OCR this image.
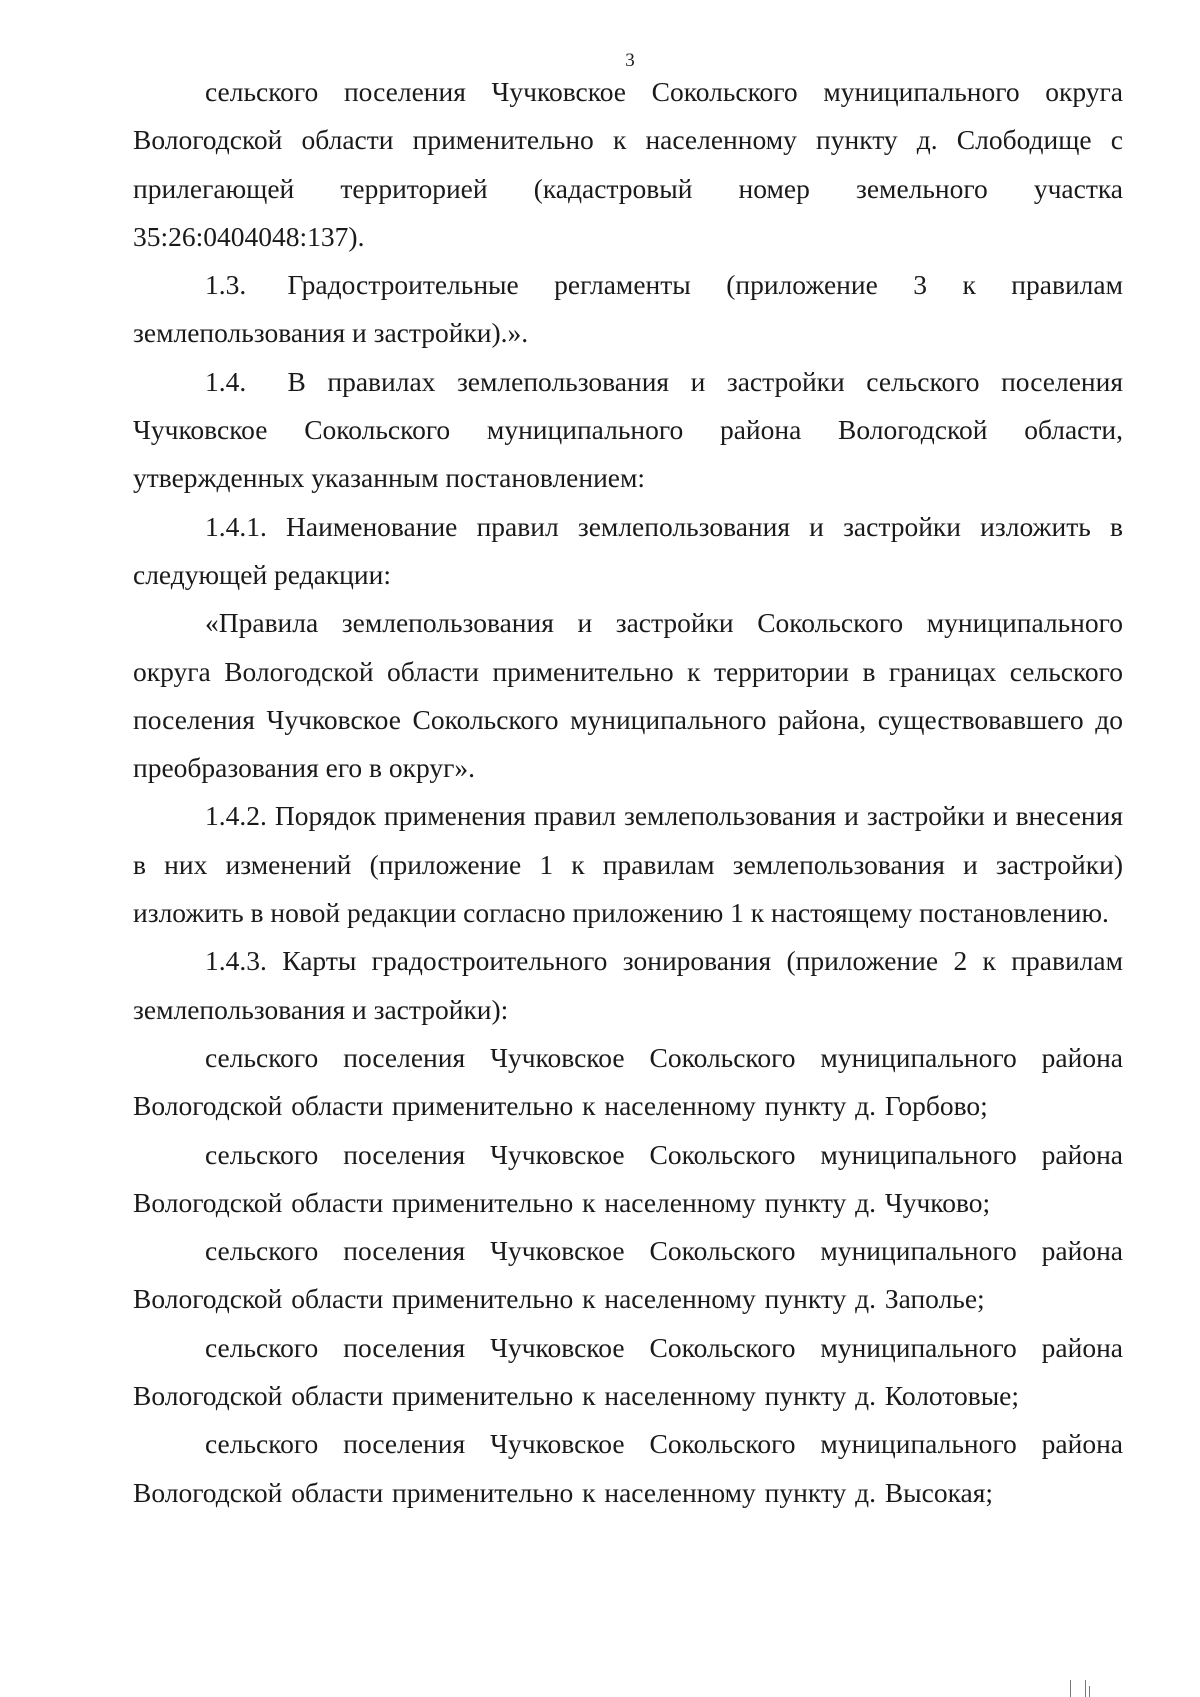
3

сельского поселения Чучковское Сокольского муниципального округа Вологодской области применительно к населенному пункту д. Слободище с прилегающей территорией (кадастровый номер земельного участка 35:26:0404048:137).

1.3.  Градостроительные регламенты (приложение 3 к правилам землепользования и застройки).».

1.4.  В правилах землепользования и застройки сельского поселения Чучковское Сокольского муниципального района Вологодской области, утвержденных указанным постановлением:

1.4.1. Наименование правил землепользования и застройки изложить в следующей редакции:

«Правила землепользования и застройки Сокольского муниципального округа Вологодской области применительно к территории в границах сельского поселения Чучковское Сокольского муниципального района, существовавшего до преобразования его в округ».

1.4.2. Порядок применения правил землепользования и застройки и внесения в них изменений (приложение 1 к правилам землепользования и застройки) изложить в новой редакции согласно приложению 1 к настоящему постановлению.

1.4.3. Карты градостроительного зонирования (приложение 2 к правилам землепользования и застройки):

сельского поселения Чучковское Сокольского муниципального района Вологодской области применительно к населенному пункту д. Горбово;

сельского поселения Чучковское Сокольского муниципального района Вологодской области применительно к населенному пункту д. Чучково;

сельского поселения Чучковское Сокольского муниципального района Вологодской области применительно к населенному пункту д. Заполье;

сельского поселения Чучковское Сокольского муниципального района Вологодской области применительно к населенному пункту д. Колотовые;

сельского поселения Чучковское Сокольского муниципального района Вологодской области применительно к населенному пункту д. Высокая;
